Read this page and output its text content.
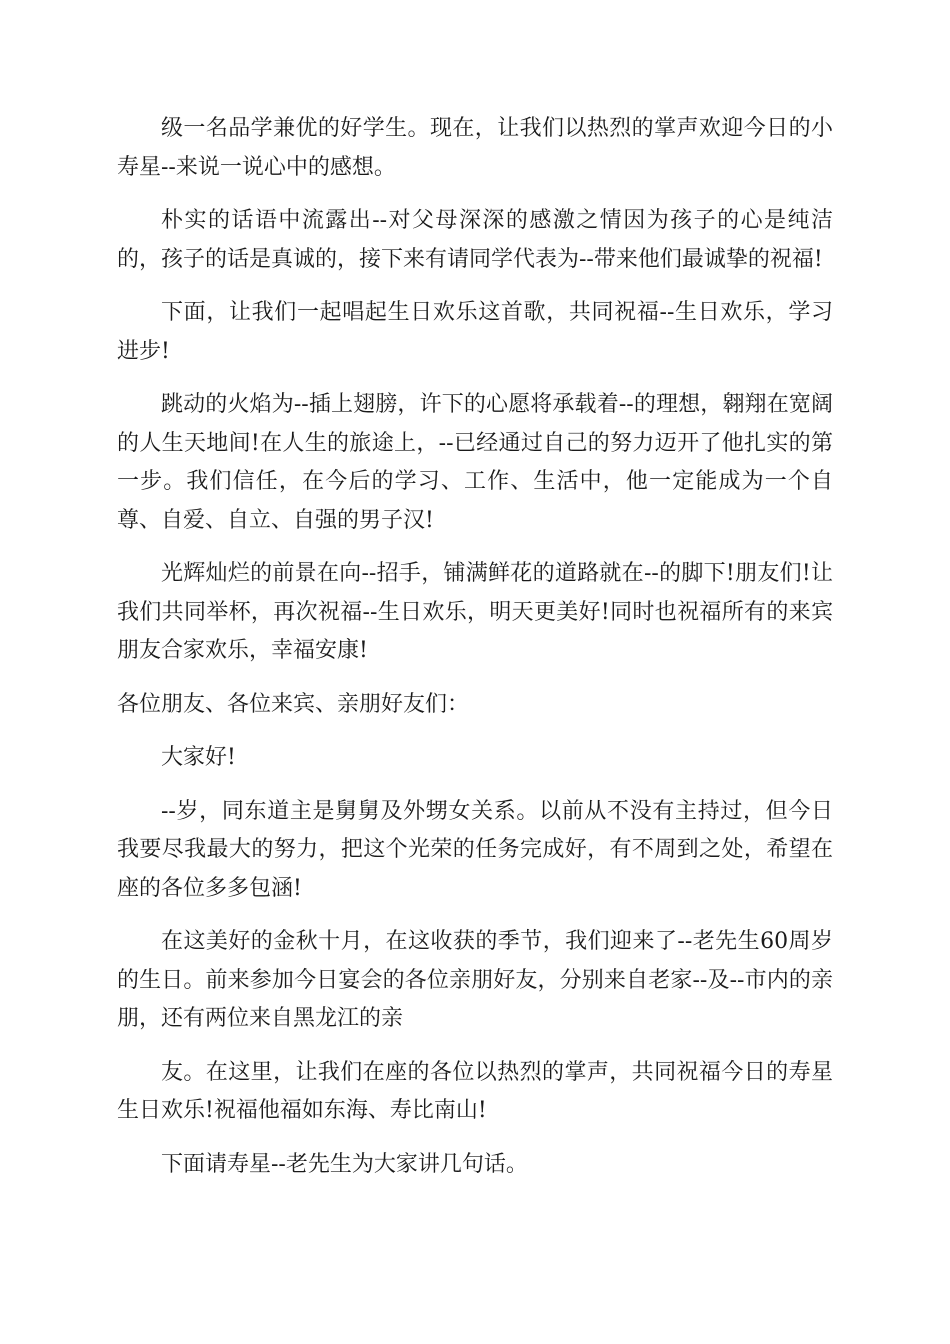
级一名品学兼优的好学生。现在，让我们以热烈的掌声欢迎今日的小寿星--来说一说心中的感想。

朴实的话语中流露出--对父母深深的感激之情因为孩子的心是纯洁的，孩子的话是真诚的，接下来有请同学代表为--带来他们最诚挚的祝福!

下面，让我们一起唱起生日欢乐这首歌，共同祝福--生日欢乐，学习进步!

跳动的火焰为--插上翅膀，许下的心愿将承载着--的理想，翱翔在宽阔的人生天地间!在人生的旅途上，--已经通过自己的努力迈开了他扎实的第一步。我们信任，在今后的学习、工作、生活中，他一定能成为一个自尊、自爱、自立、自强的男子汉!

光辉灿烂的前景在向--招手，铺满鲜花的道路就在--的脚下!朋友们!让我们共同举杯，再次祝福--生日欢乐，明天更美好!同时也祝福所有的来宾朋友合家欢乐，幸福安康!

各位朋友、各位来宾、亲朋好友们：

大家好!

--岁，同东道主是舅舅及外甥女关系。以前从不没有主持过，但今日我要尽我最大的努力，把这个光荣的任务完成好，有不周到之处，希望在座的各位多多包涵!

在这美好的金秋十月，在这收获的季节，我们迎来了--老先生60周岁的生日。前来参加今日宴会的各位亲朋好友，分别来自老家--及--市内的亲朋，还有两位来自黑龙江的亲

友。在这里，让我们在座的各位以热烈的掌声，共同祝福今日的寿星生日欢乐!祝福他福如东海、寿比南山!

下面请寿星--老先生为大家讲几句话。
